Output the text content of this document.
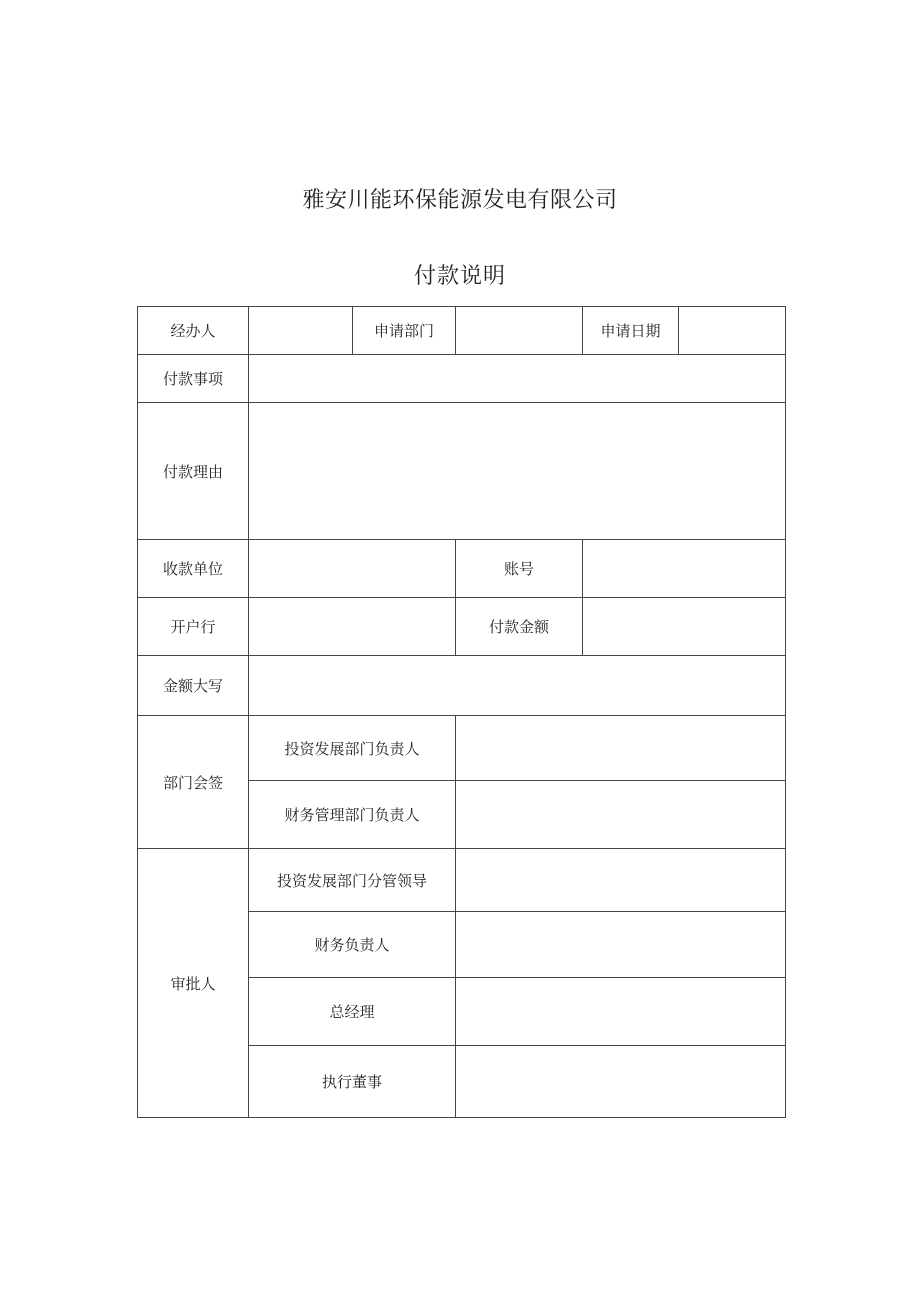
雅安川能环保能源发电有限公司
付款说明
经办人		申请部门		申请日期	
付款事项					
付款理由					
收款单位			账号		
开户行			付款金额		
金额大写					
部门会签	投资发展部门负责人				
	财务管理部门负责人				
审批人	投资发展部门分管领导				
	财务负责人				
	总经理				
	执行董事				
